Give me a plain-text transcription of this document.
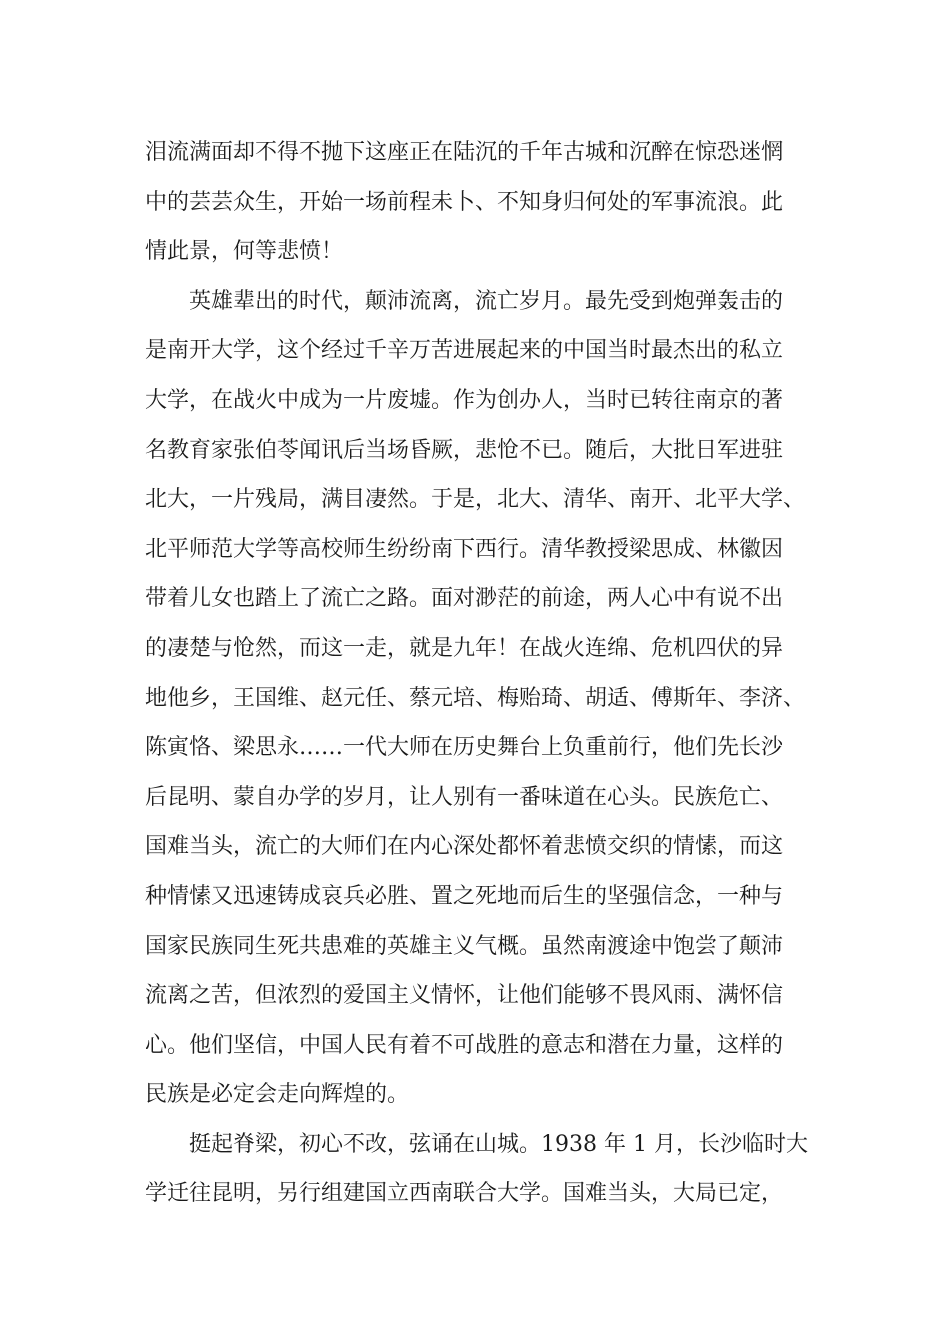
泪流满面却不得不抛下这座正在陆沉的千年古城和沉醉在惊恐迷惘
中的芸芸众生，开始一场前程未卜、不知身归何处的军事流浪。此
情此景，何等悲愤！
英雄辈出的时代，颠沛流离，流亡岁月。最先受到炮弹轰击的
是南开大学，这个经过千辛万苦进展起来的中国当时最杰出的私立
大学，在战火中成为一片废墟。作为创办人，当时已转往南京的著
名教育家张伯苓闻讯后当场昏厥，悲怆不已。随后，大批日军进驻
北大，一片残局，满目凄然。于是，北大、清华、南开、北平大学、
北平师范大学等高校师生纷纷南下西行。清华教授梁思成、林徽因
带着儿女也踏上了流亡之路。面对渺茫的前途，两人心中有说不出
的凄楚与怆然，而这一走，就是九年！在战火连绵、危机四伏的异
地他乡，王国维、赵元任、蔡元培、梅贻琦、胡适、傅斯年、李济、
陈寅恪、梁思永……一代大师在历史舞台上负重前行，他们先长沙
后昆明、蒙自办学的岁月，让人别有一番味道在心头。民族危亡、
国难当头，流亡的大师们在内心深处都怀着悲愤交织的情愫，而这
种情愫又迅速铸成哀兵必胜、置之死地而后生的坚强信念，一种与
国家民族同生死共患难的英雄主义气概。虽然南渡途中饱尝了颠沛
流离之苦，但浓烈的爱国主义情怀，让他们能够不畏风雨、满怀信
心。他们坚信，中国人民有着不可战胜的意志和潜在力量，这样的
民族是必定会走向辉煌的。
挺起脊梁，初心不改，弦诵在山城。1938 年 1 月，长沙临时大
学迁往昆明，另行组建国立西南联合大学。国难当头，大局已定，
